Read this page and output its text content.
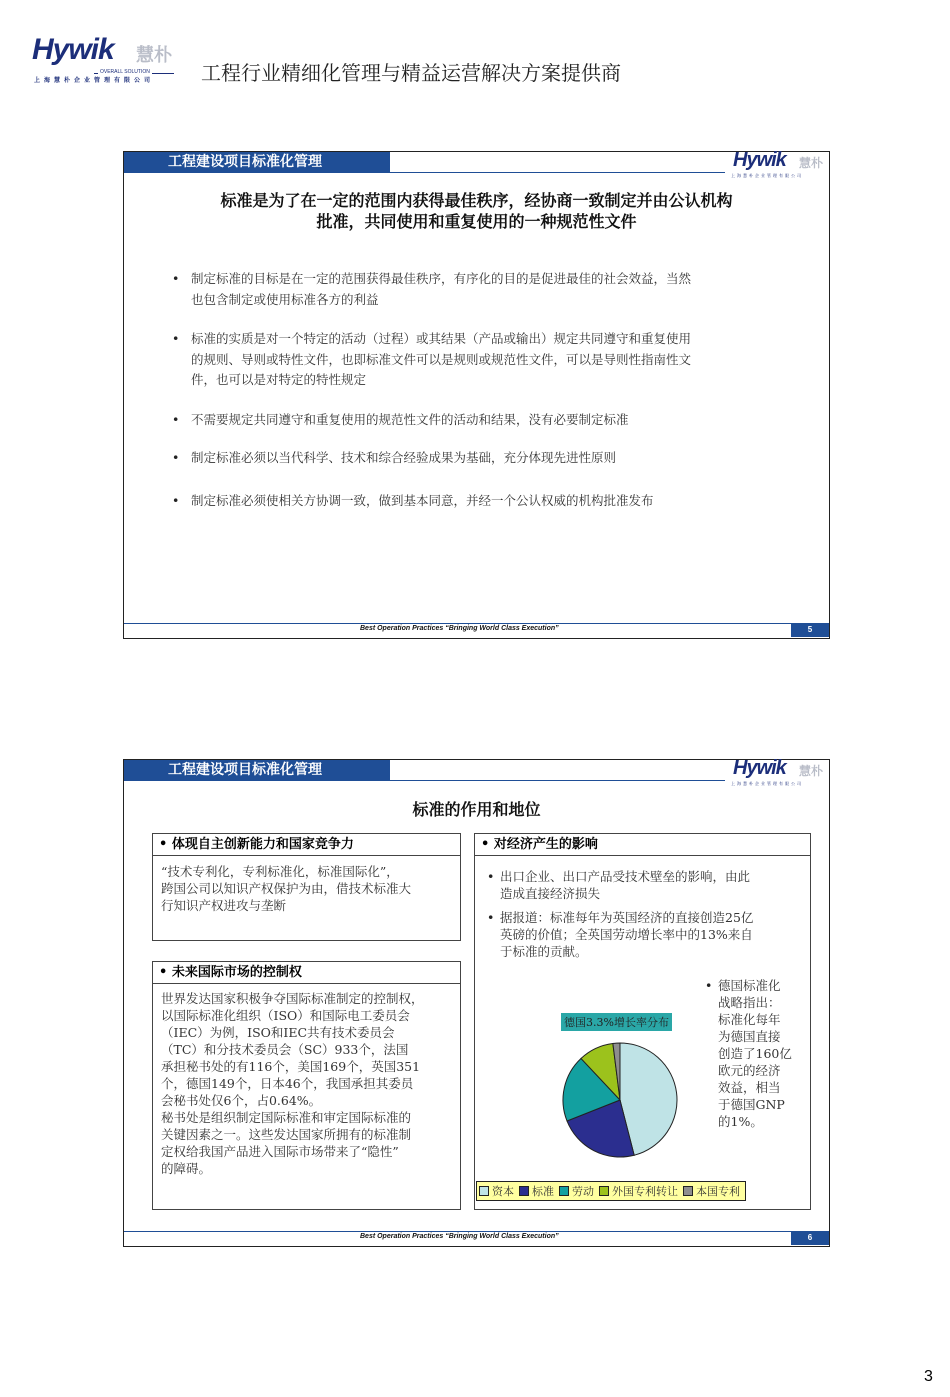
Hywik 慧朴
OVERALL SOLUTION
上海慧朴企业管理有限公司 工程行业精细化管理与精益运营解决方案提供商
工程建设项目标准化管理	Hywik 慧朴
上海慧朴企业管理有限公司
标准是为了在一定的范围内获得最佳秩序，经协商一致制定并由公认机构
批准，共同使用和重复使用的一种规范性文件
• 制定标准的目标是在一定的范围获得最佳秩序，有序化的目的是促进最佳的社会效益，当然
也包含制定或使用标准各方的利益
• 标准的实质是对一个特定的活动（过程）或其结果（产品或输出）规定共同遵守和重复使用
的规则、导则或特性文件，也即标准文件可以是规则或规范性文件，可以是导则性指南性文
件，也可以是对特定的特性规定
• 不需要规定共同遵守和重复使用的规范性文件的活动和结果，没有必要制定标准
• 制定标准必须以当代科学、技术和综合经验成果为基础，充分体现先进性原则
• 制定标准必须使相关方协调一致，做到基本同意，并经一个公认权威的机构批准发布
Best Operation Practices “Bringing World Class Execution”	5
工程建设项目标准化管理	Hywik 慧朴
上海慧朴企业管理有限公司
标准的作用和地位
• 体现自主创新能力和国家竞争力
“技术专利化，专利标准化，标准国际化”，
跨国公司以知识产权保护为由，借技术标准大
行知识产权进攻与垄断
• 未来国际市场的控制权
世界发达国家积极争夺国际标准制定的控制权，
以国际标准化组织（ISO）和国际电工委员会
（IEC）为例，ISO和IEC共有技术委员会
（TC）和分技术委员会（SC）933个，法国
承担秘书处的有116个，美国169个，英国351
个，德国149个，日本46个，我国承担其委员
会秘书处仅6个，占0.64%。
秘书处是组织制定国际标准和审定国际标准的
关键因素之一。这些发达国家所拥有的标准制
定权给我国产品进入国际市场带来了“隐性”
的障碍。
• 对经济产生的影响
• 出口企业、出口产品受技术壁垒的影响，由此
造成直接经济损失
• 据报道：标准每年为英国经济的直接创造25亿
英磅的价值；全英国劳动增长率中的13%来自
于标准的贡献。
• 德国标准化
战略指出：
标准化每年
为德国直接
创造了160亿
欧元的经济
效益，相当
于德国GNP
的1%。
德国3.3%增长率分布
资本 标准 劳动 外国专利转让 本国专利
Best Operation Practices “Bringing World Class Execution”	6
3
